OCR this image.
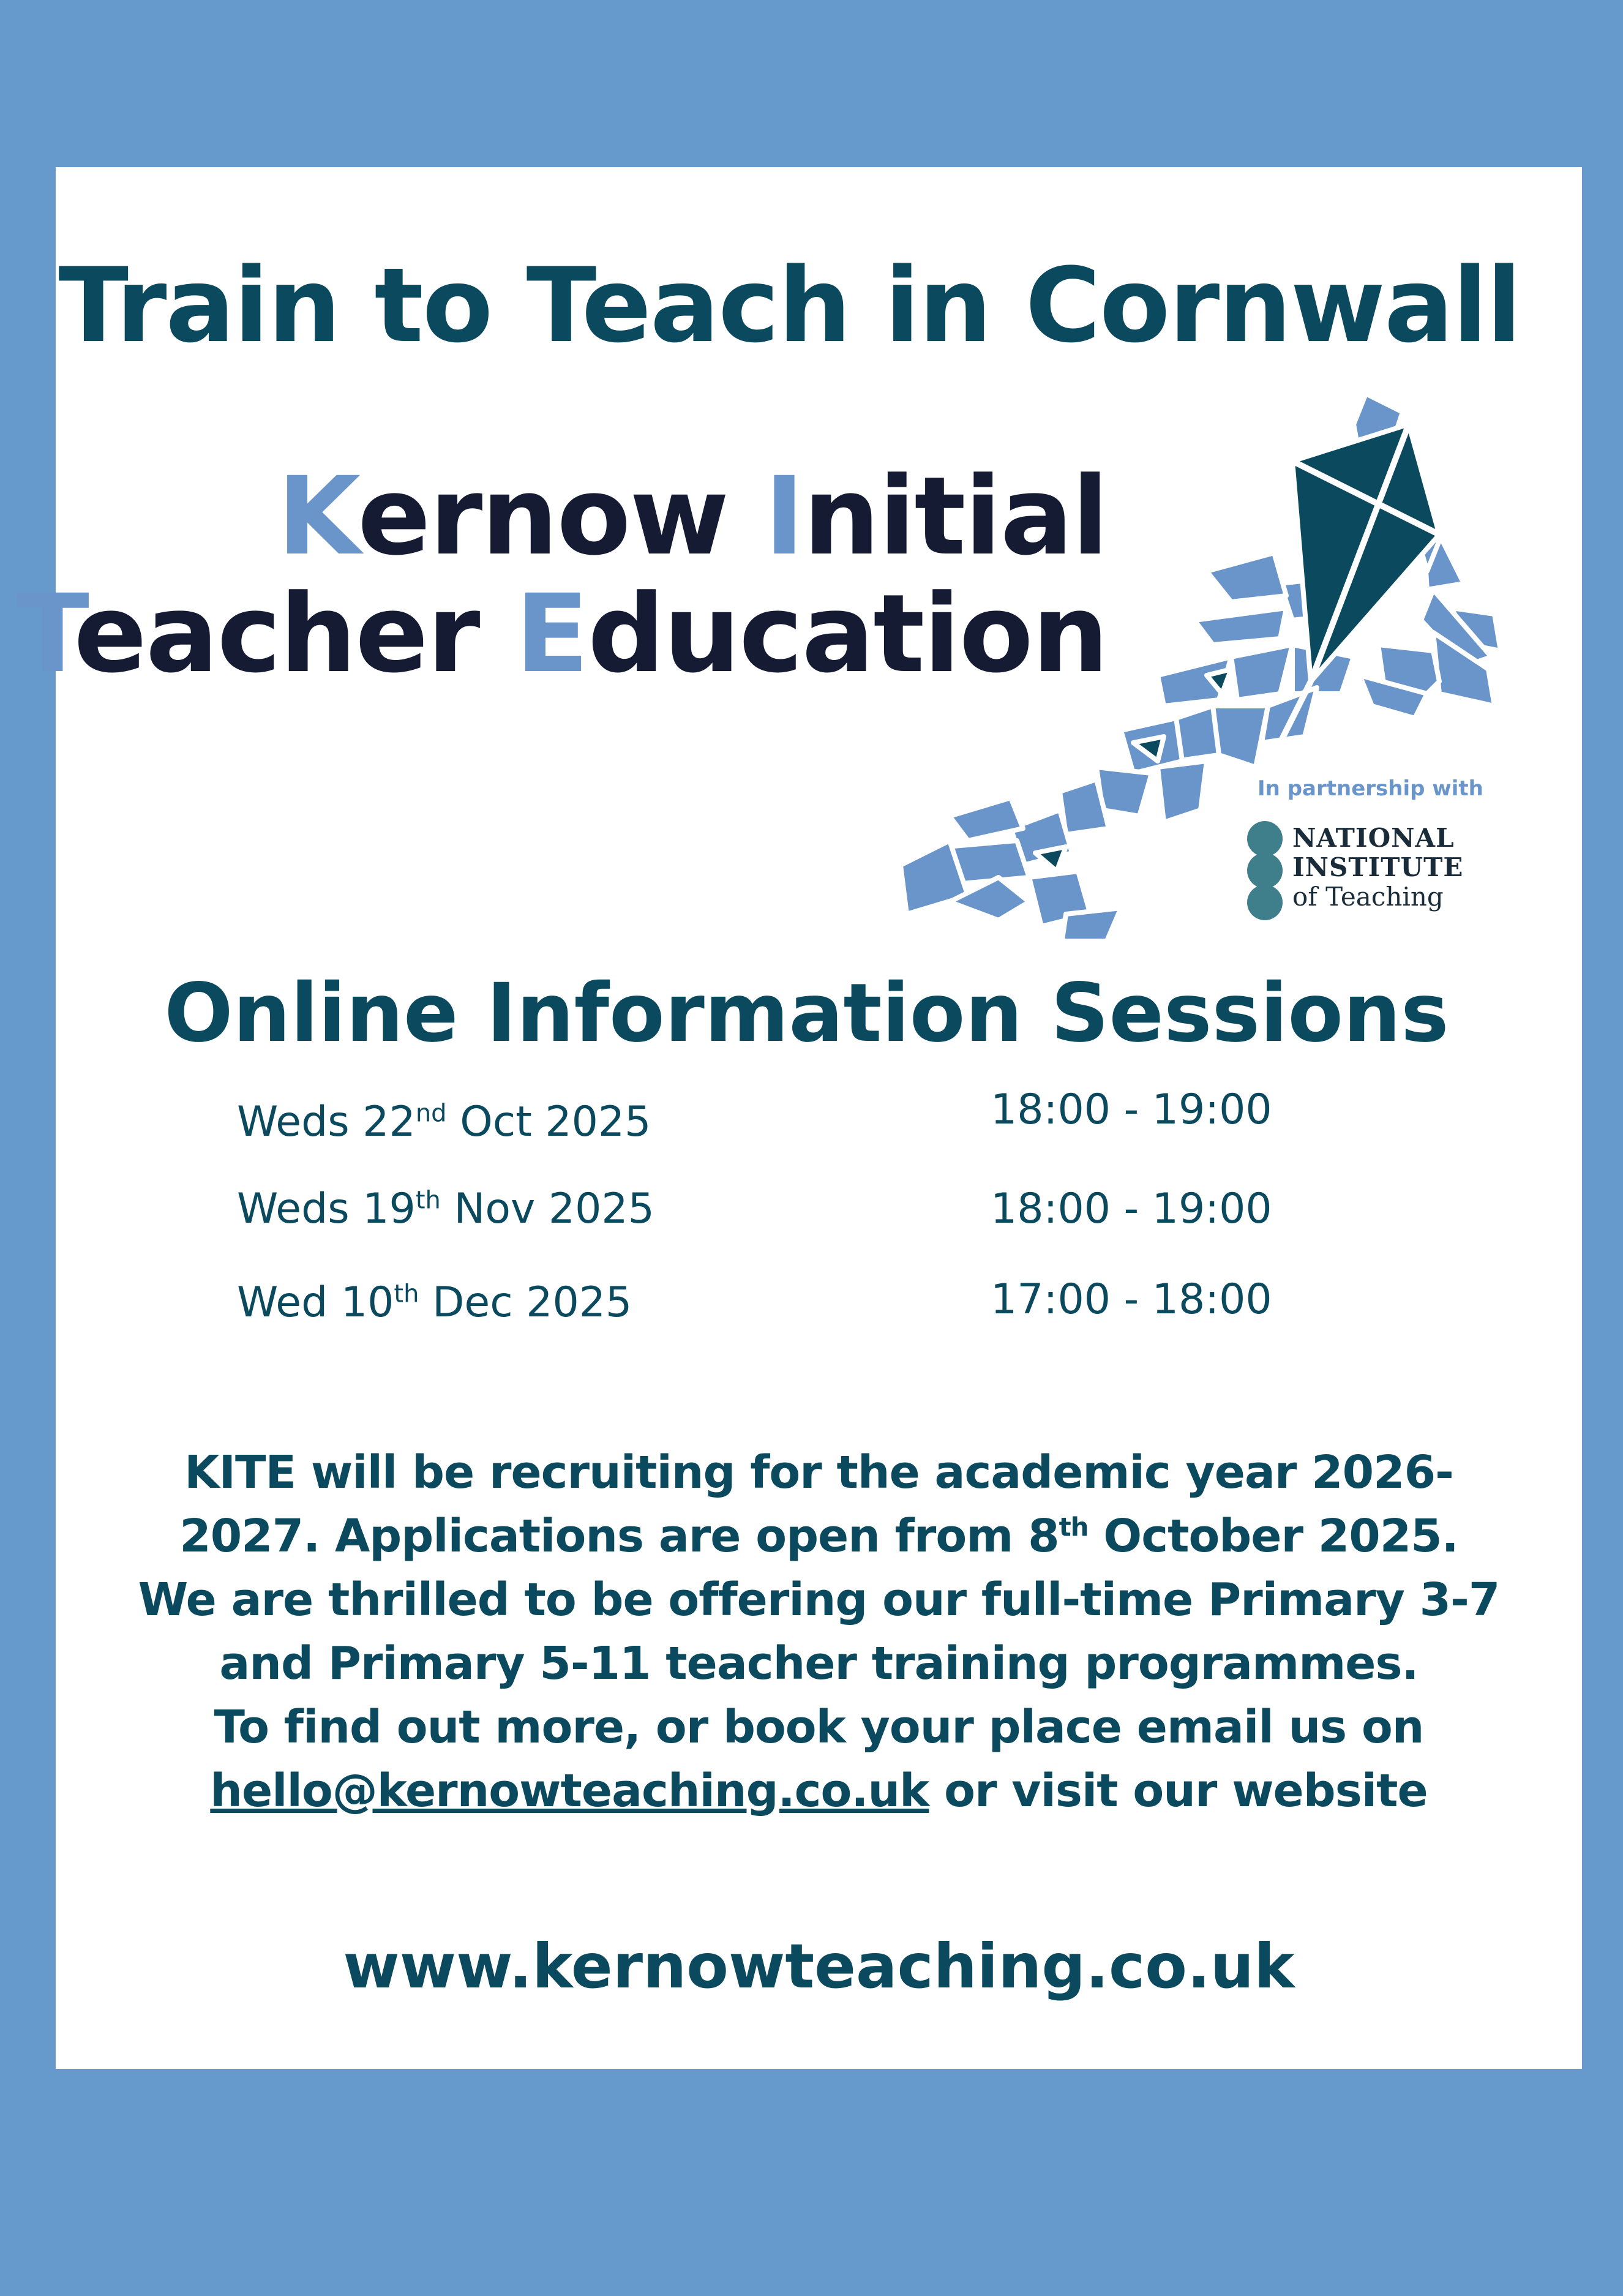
Train to Teach in Cornwall
Kernow Initial
Teacher Education
In partnership with
NATIONAL
INSTITUTE
of Teaching
Online Information Sessions
Weds 22nd Oct 2025	18:00 - 19:00
Weds 19th Nov 2025	18:00 - 19:00
Wed 10th Dec 2025	17:00 - 18:00
KITE will be recruiting for the academic year 2026-
2027. Applications are open from 8th October 2025.
We are thrilled to be offering our full-time Primary 3-7
and Primary 5-11 teacher training programmes.
To find out more, or book your place email us on
hello@kernowteaching.co.uk or visit our website
www.kernowteaching.co.uk
